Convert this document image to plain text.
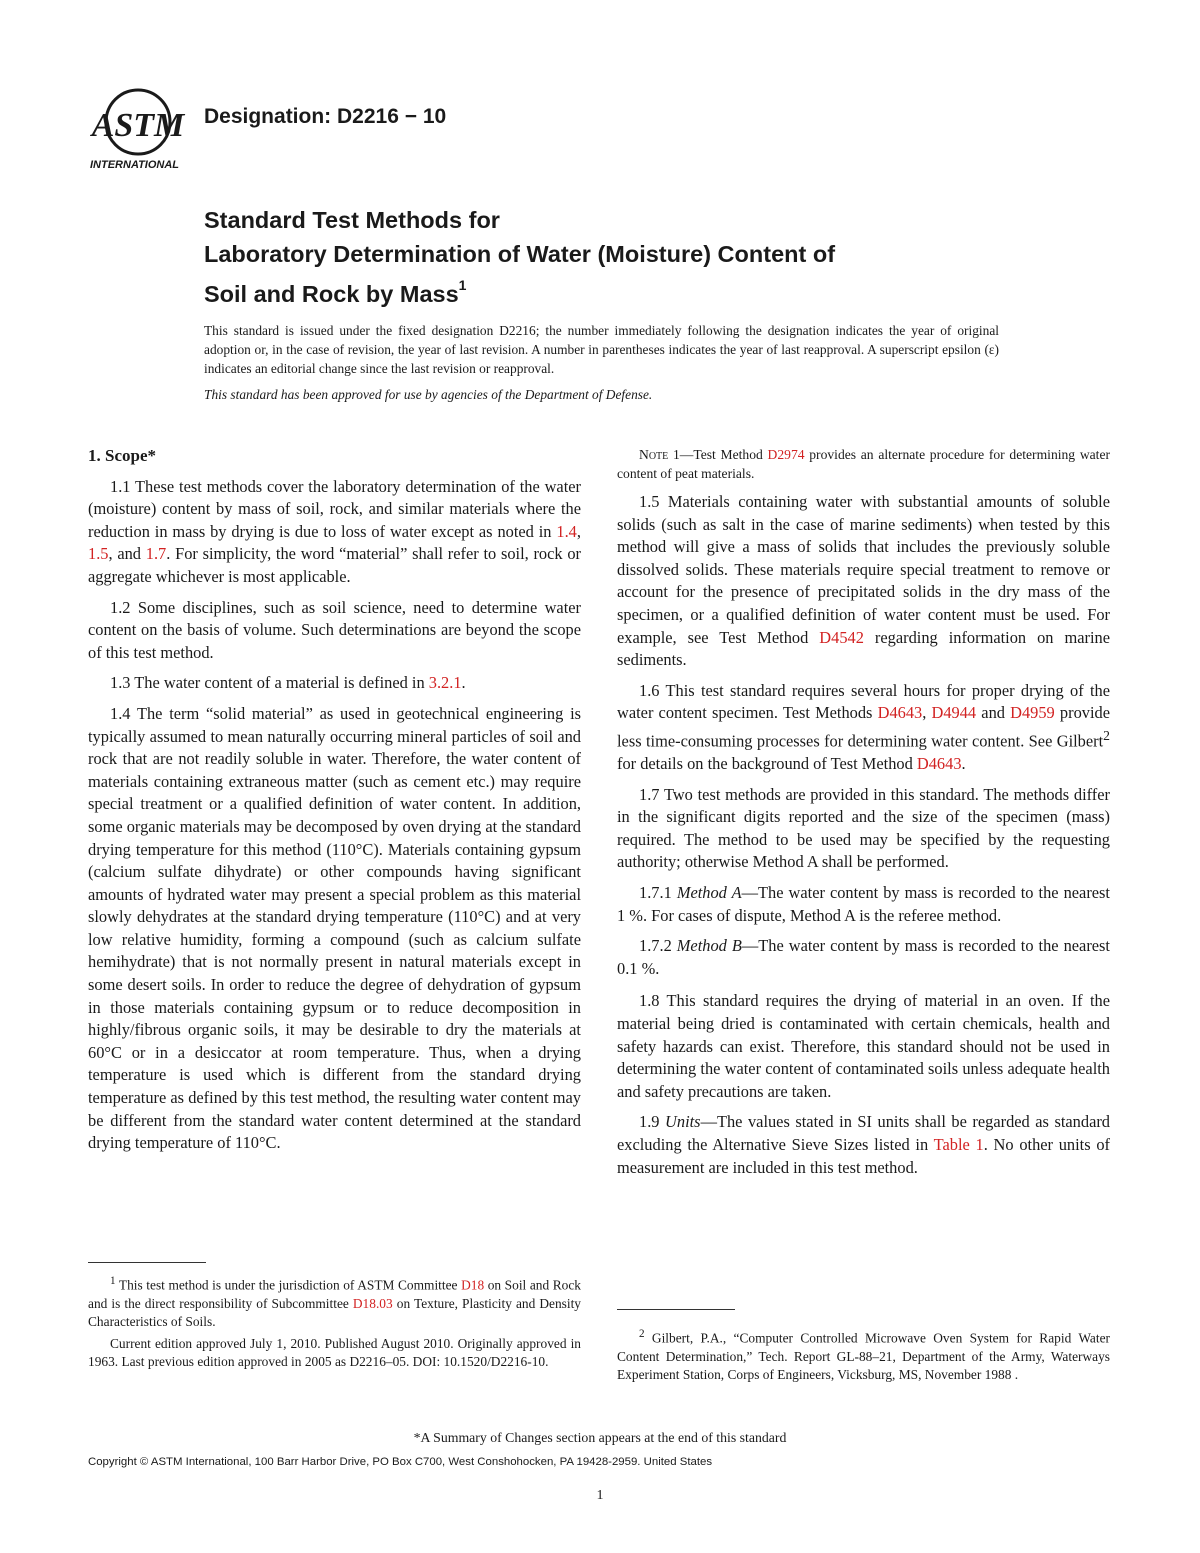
ASTM
INTERNATIONAL
Designation: D2216 − 10
Standard Test Methods for
Laboratory Determination of Water (Moisture) Content of
Soil and Rock by Mass$^1$
This standard is issued under the fixed designation D2216; the number immediately following the designation indicates the year of original adoption or, in the case of revision, the year of last revision. A number in parentheses indicates the year of last reapproval. A superscript epsilon (ε) indicates an editorial change since the last revision or reapproval.
This standard has been approved for use by agencies of the Department of Defense.
1. Scope*

1.1 These test methods cover the laboratory determination of the water (moisture) content by mass of soil, rock, and similar materials where the reduction in mass by drying is due to loss of water except as noted in 1.4, 1.5, and 1.7. For simplicity, the word “material” shall refer to soil, rock or aggregate whichever is most applicable.

1.2 Some disciplines, such as soil science, need to determine water content on the basis of volume. Such determinations are beyond the scope of this test method.

1.3 The water content of a material is defined in 3.2.1.

1.4 The term “solid material” as used in geotechnical engineering is typically assumed to mean naturally occurring mineral particles of soil and rock that are not readily soluble in water. Therefore, the water content of materials containing extraneous matter (such as cement etc.) may require special treatment or a qualified definition of water content. In addition, some organic materials may be decomposed by oven drying at the standard drying temperature for this method (110°C). Materials containing gypsum (calcium sulfate dihydrate) or other compounds having significant amounts of hydrated water may present a special problem as this material slowly dehydrates at the standard drying temperature (110°C) and at very low relative humidity, forming a compound (such as calcium sulfate hemihydrate) that is not normally present in natural materials except in some desert soils. In order to reduce the degree of dehydration of gypsum in those materials containing gypsum or to reduce decomposition in highly/fibrous organic soils, it may be desirable to dry the materials at 60°C or in a desiccator at room temperature. Thus, when a drying temperature is used which is different from the standard drying temperature as defined by this test method, the resulting water content may be different from the standard water content determined at the standard drying temperature of 110°C.

Note 1—Test Method D2974 provides an alternate procedure for determining water content of peat materials.

1.5 Materials containing water with substantial amounts of soluble solids (such as salt in the case of marine sediments) when tested by this method will give a mass of solids that includes the previously soluble dissolved solids. These materials require special treatment to remove or account for the presence of precipitated solids in the dry mass of the specimen, or a qualified definition of water content must be used. For example, see Test Method D4542 regarding information on marine sediments.

1.6 This test standard requires several hours for proper drying of the water content specimen. Test Methods D4643, D4944 and D4959 provide less time-consuming processes for determining water content. See Gilbert$^2$ for details on the background of Test Method D4643.

1.7 Two test methods are provided in this standard. The methods differ in the significant digits reported and the size of the specimen (mass) required. The method to be used may be specified by the requesting authority; otherwise Method A shall be performed.

1.7.1 Method A—The water content by mass is recorded to the nearest 1 %. For cases of dispute, Method A is the referee method.

1.7.2 Method B—The water content by mass is recorded to the nearest 0.1 %.

1.8 This standard requires the drying of material in an oven. If the material being dried is contaminated with certain chemicals, health and safety hazards can exist. Therefore, this standard should not be used in determining the water content of contaminated soils unless adequate health and safety precautions are taken.

1.9 Units—The values stated in SI units shall be regarded as standard excluding the Alternative Sieve Sizes listed in Table 1. No other units of measurement are included in this test method.

$^1$ This test method is under the jurisdiction of ASTM Committee D18 on Soil and Rock and is the direct responsibility of Subcommittee D18.03 on Texture, Plasticity and Density Characteristics of Soils.

Current edition approved July 1, 2010. Published August 2010. Originally approved in 1963. Last previous edition approved in 2005 as D2216–05. DOI: 10.1520/D2216-10.

$^2$ Gilbert, P.A., “Computer Controlled Microwave Oven System for Rapid Water Content Determination,” Tech. Report GL-88–21, Department of the Army, Waterways Experiment Station, Corps of Engineers, Vicksburg, MS, November 1988 .

*A Summary of Changes section appears at the end of this standard
Copyright © ASTM International, 100 Barr Harbor Drive, PO Box C700, West Conshohocken, PA 19428-2959. United States
1
